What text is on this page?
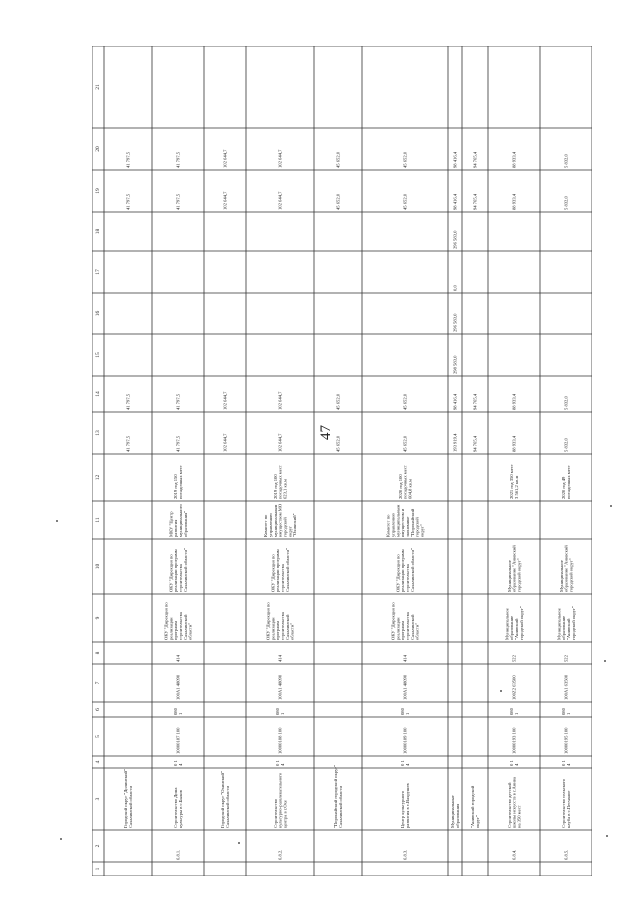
47
1
2
3
4
5
6
7
8
9
10
11
12
13
14
15
16
17
18
19
20
21
Городской округ "Долинский"Сахалинской области
41 797,5
41 797,5
41 797,5
41 797,5
6.8.1.
Строительство Домакультуры в с.Быков
0 14
10000187 100
0801
100А1 48090
414
ОКУ "Дирекция пореализациипрограммстроительстваСахалинскойобласти"
ОКУ "Дирекция пореализации программстроительстваСахалинской области"
МКУ "Центрразвитиямуниципальногообразования"
2019 год 150посадочных мест
41 797,5
41 797,5
41 797,5
41 797,5
Городской округ "Охинский"Сахалинской области
102 644,7
102 644,7
102 644,7
102 644,7
6.8.2.
Строительствокультурно-развлекательногоцентра в г.Охе
0 14
10000188 100
0801
100А1 48090
414
ОКУ "Дирекция пореализациипрограммстроительстваСахалинскойобласти"
ОКУ "Дирекция пореализации программстроительстваСахалинской области"
Комитет поуправлениюмуниципальнымимуществом МОгородскойокруг"Охинский"
2019 год 100посадочных мест623,1 кв.м
102 644,7
102 644,7
102 644,7
102 644,7
"Поронайский городской округ"Сахалинской области
45 652,0
45 652,0
45 652,0
45 652,0
6.8.3.
Центр культурногоразвития в с.Вахрушев
0 14
10000189 100
0801
100А1 48090
414
ОКУ "Дирекция пореализациипрограммстроительстваСахалинскойобласти"
ОКУ "Дирекция пореализации программстроительстваСахалинской области"
Комитет поуправлениюмуниципальнымимуществом иэкономике"Поронайскийгородскойокруг"
2020 год 100посадочных мест604,8 кв.м
45 652,0
45 652,0
45 652,0
45 652,0
Муниципальныеобразования
193 919,4
98 416,4
298 583,0
296 583,0
0,0
296 583,0
98 416,4
98 416,4
"Анивский городскойокруг"
94 765,4
94 765,4
94 765,4
94 765,4
6.8.4.
Строительство детскойшколы искусств в г.Анивана 350 мест
0 14
10000193 100
0801
100Z2 63500
522
Муниципальноеобразование"Анивскийгородской округ"
Муниципальноеобразование "Анивскийгородской округ"
2021 год 350 мест3 561,2 кв.м
88 933,4
88 933,4
88 933,4
88 933,4
6.8.5.
Строительство сельскогоклуба в с.Песчаное
0 14
10000195 100
0801
100А1 63500
522
Муниципальноеобразование"Анивскийгородской округ"
Муниципальноеобразование "Анивскийгородской округ"
2020 год 49посадочных мест
5 832,0
5 832,0
5 832,0
5 832,0
